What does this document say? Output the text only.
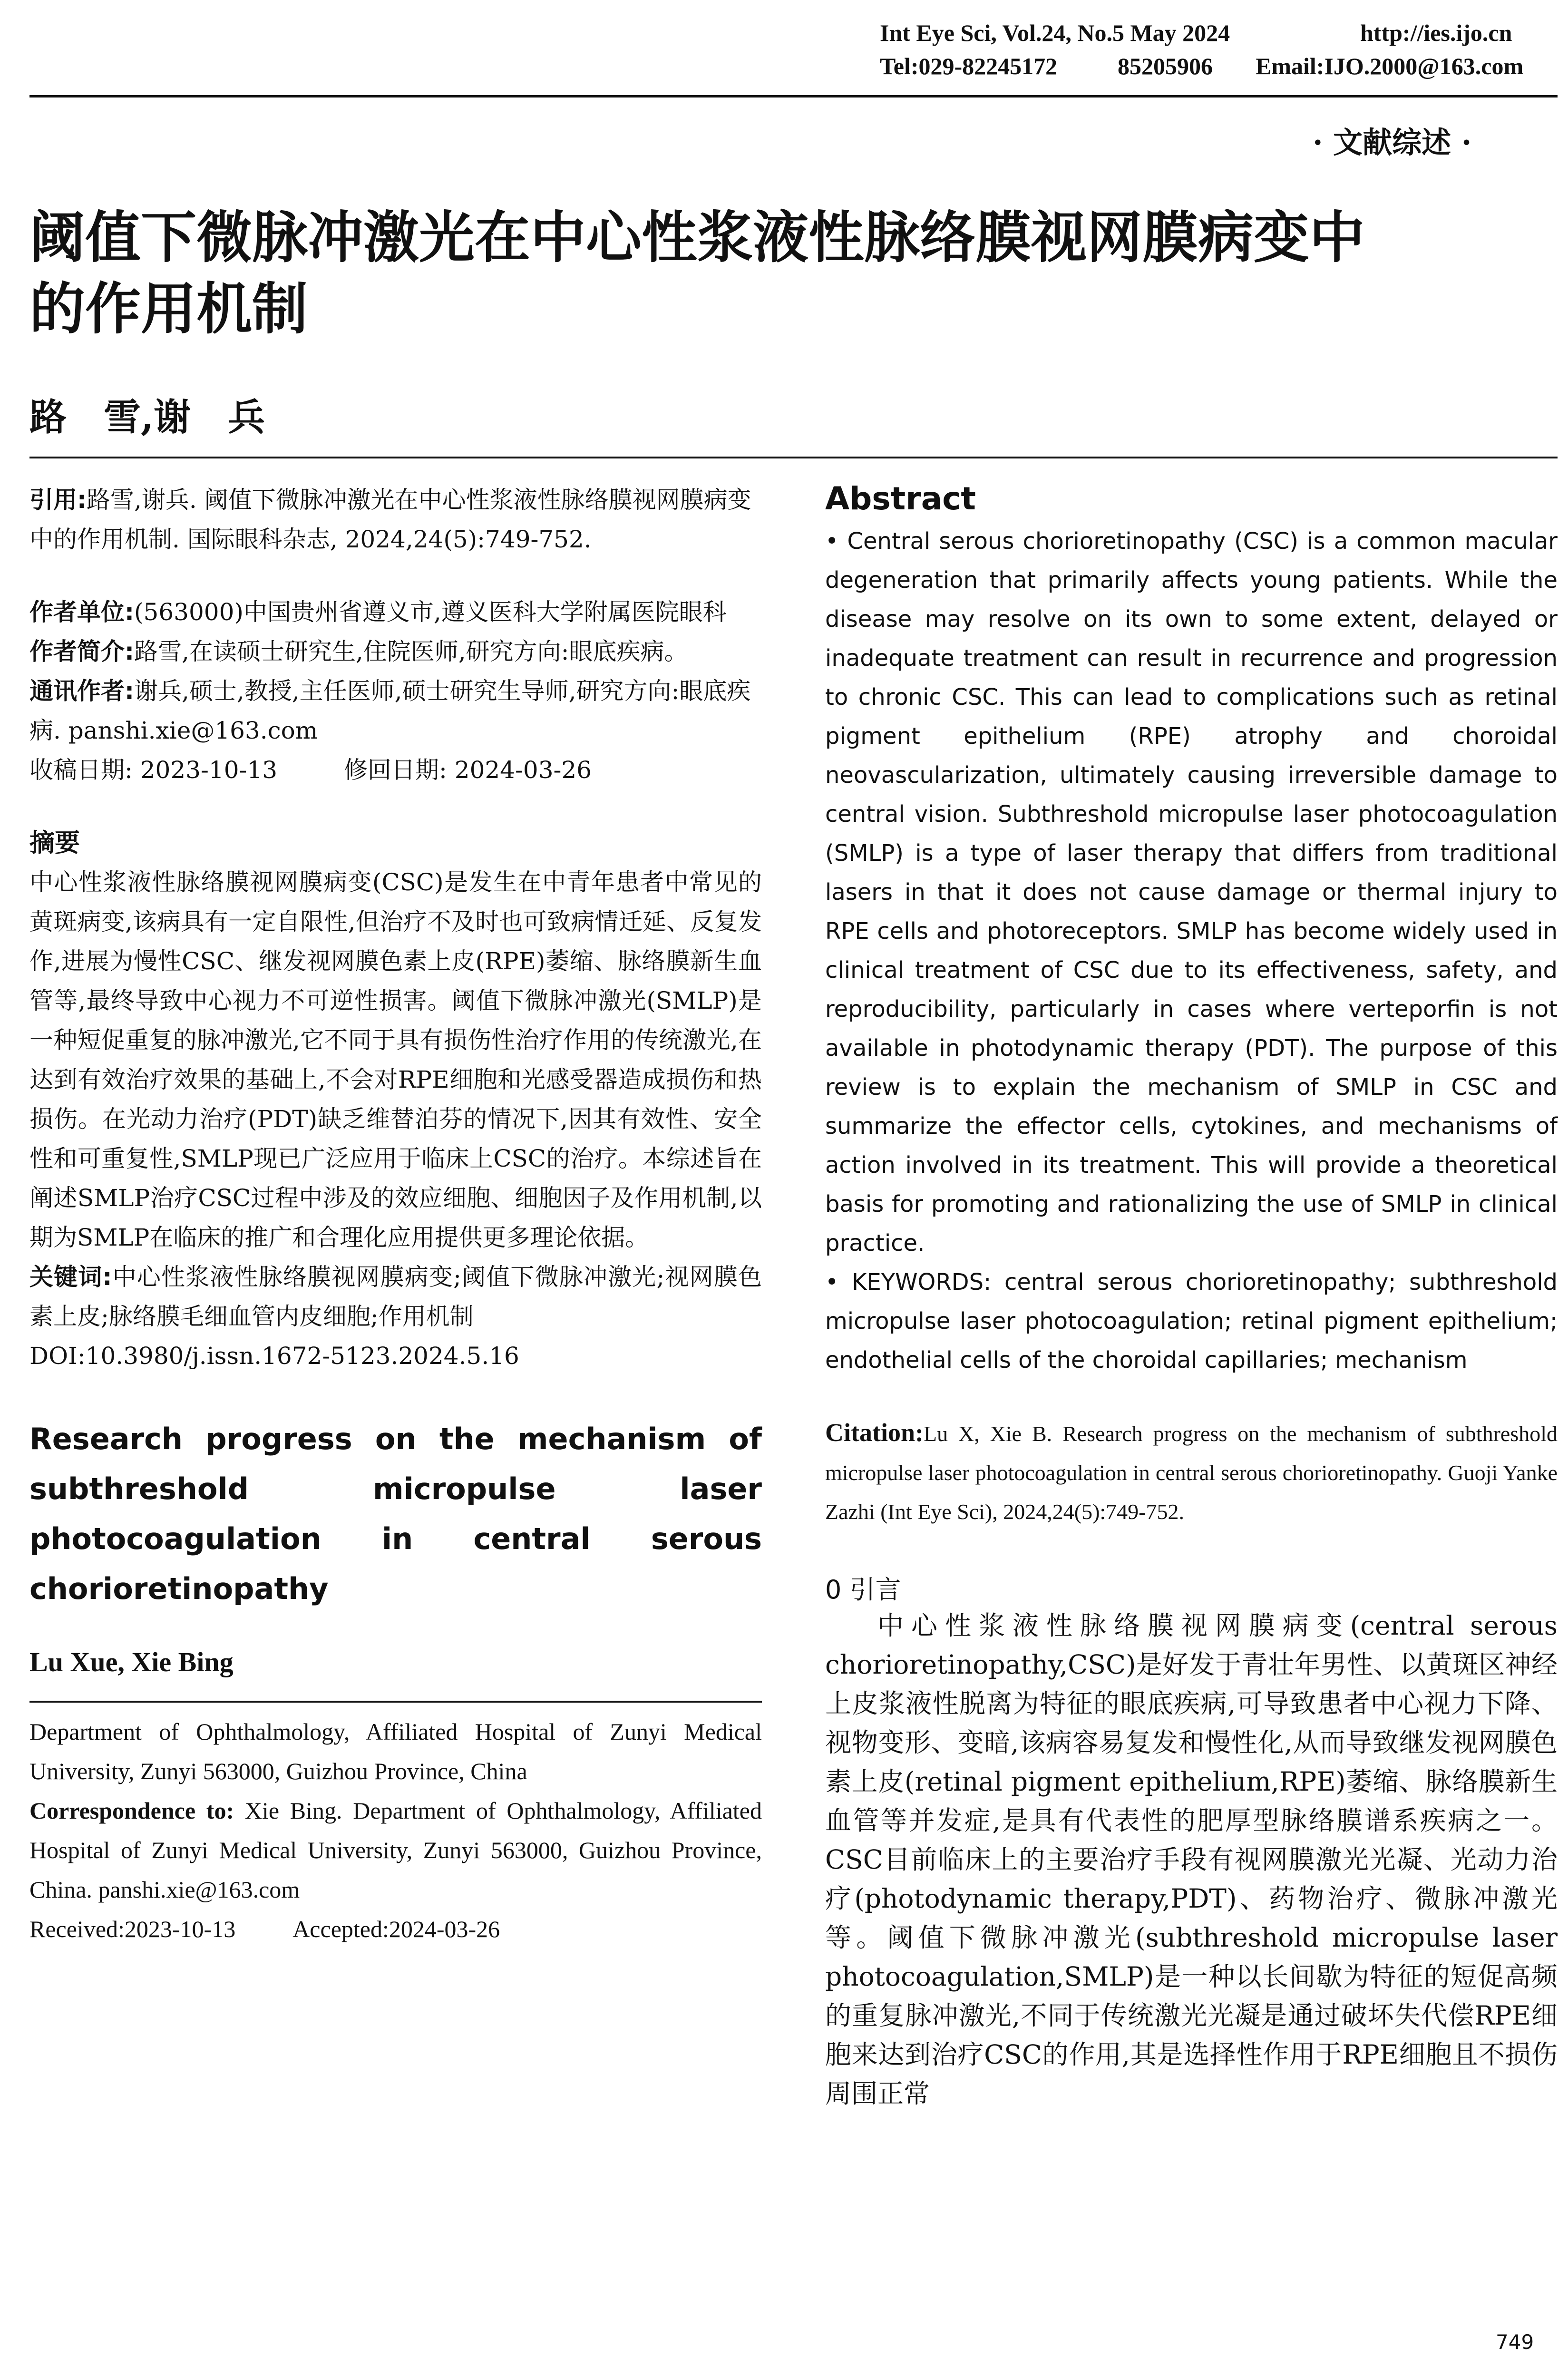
Int Eye Sci, Vol.24, No.5 May 2024	http://ies.ijo.cn
Tel:029-82245172	85205906 Email:IJO.2000@163.com
· 文献综述 ·
阈值下微脉冲激光在中心性浆液性脉络膜视网膜病变中
的作用机制
路　雪,谢　兵

引用:路雪,谢兵. 阈值下微脉冲激光在中心性浆液性脉络膜视网膜病变中的作用机制. 国际眼科杂志, 2024,24(5):749-752.

作者单位:(563000)中国贵州省遵义市,遵义医科大学附属医院眼科

作者简介:路雪,在读硕士研究生,住院医师,研究方向:眼底疾病。

通讯作者:谢兵,硕士,教授,主任医师,硕士研究生导师,研究方向:眼底疾病. panshi.xie@163.com

收稿日期: 2023-10-13	修回日期: 2024-03-26

摘要

中心性浆液性脉络膜视网膜病变(CSC)是发生在中青年患者中常见的黄斑病变,该病具有一定自限性,但治疗不及时也可致病情迁延、反复发作,进展为慢性CSC、继发视网膜色素上皮(RPE)萎缩、脉络膜新生血管等,最终导致中心视力不可逆性损害。阈值下微脉冲激光(SMLP)是一种短促重复的脉冲激光,它不同于具有损伤性治疗作用的传统激光,在达到有效治疗效果的基础上,不会对RPE细胞和光感受器造成损伤和热损伤。在光动力治疗(PDT)缺乏维替泊芬的情况下,因其有效性、安全性和可重复性,SMLP现已广泛应用于临床上CSC的治疗。本综述旨在阐述SMLP治疗CSC过程中涉及的效应细胞、细胞因子及作用机制,以期为SMLP在临床的推广和合理化应用提供更多理论依据。

关键词:中心性浆液性脉络膜视网膜病变;阈值下微脉冲激光;视网膜色素上皮;脉络膜毛细血管内皮细胞;作用机制

DOI:10.3980/j.issn.1672-5123.2024.5.16

Research progress on the mechanism of subthreshold micropulse laser photocoagulation in central serous chorioretinopathy

Lu Xue, Xie Bing

Department of Ophthalmology, Affiliated Hospital of Zunyi Medical University, Zunyi 563000, Guizhou Province, China

Correspondence to: Xie Bing. Department of Ophthalmology, Affiliated Hospital of Zunyi Medical University, Zunyi 563000, Guizhou Province, China. panshi.xie@163.com

Received:2023-10-13 Accepted:2024-03-26

Abstract

• Central serous chorioretinopathy (CSC) is a common macular degeneration that primarily affects young patients. While the disease may resolve on its own to some extent, delayed or inadequate treatment can result in recurrence and progression to chronic CSC. This can lead to complications such as retinal pigment epithelium (RPE) atrophy and choroidal neovascularization, ultimately causing irreversible damage to central vision. Subthreshold micropulse laser photocoagulation (SMLP) is a type of laser therapy that differs from traditional lasers in that it does not cause damage or thermal injury to RPE cells and photoreceptors. SMLP has become widely used in clinical treatment of CSC due to its effectiveness, safety, and reproducibility, particularly in cases where verteporfin is not available in photodynamic therapy (PDT). The purpose of this review is to explain the mechanism of SMLP in CSC and summarize the effector cells, cytokines, and mechanisms of action involved in its treatment. This will provide a theoretical basis for promoting and rationalizing the use of SMLP in clinical practice.

• KEYWORDS: central serous chorioretinopathy; subthreshold micropulse laser photocoagulation; retinal pigment epithelium; endothelial cells of the choroidal capillaries; mechanism

Citation:Lu X, Xie B. Research progress on the mechanism of subthreshold micropulse laser photocoagulation in central serous chorioretinopathy. Guoji Yanke Zazhi (Int Eye Sci), 2024,24(5):749-752.

0 引言

中心性浆液性脉络膜视网膜病变(central serous chorioretinopathy,CSC)是好发于青壮年男性、以黄斑区神经上皮浆液性脱离为特征的眼底疾病,可导致患者中心视力下降、视物变形、变暗,该病容易复发和慢性化,从而导致继发视网膜色素上皮(retinal pigment epithelium,RPE)萎缩、脉络膜新生血管等并发症,是具有代表性的肥厚型脉络膜谱系疾病之一。CSC目前临床上的主要治疗手段有视网膜激光光凝、光动力治疗(photodynamic therapy,PDT)、药物治疗、微脉冲激光等。阈值下微脉冲激光(subthreshold micropulse laser photocoagulation,SMLP)是一种以长间歇为特征的短促高频的重复脉冲激光,不同于传统激光光凝是通过破坏失代偿RPE细胞来达到治疗CSC的作用,其是选择性作用于RPE细胞且不损伤周围正常

749
